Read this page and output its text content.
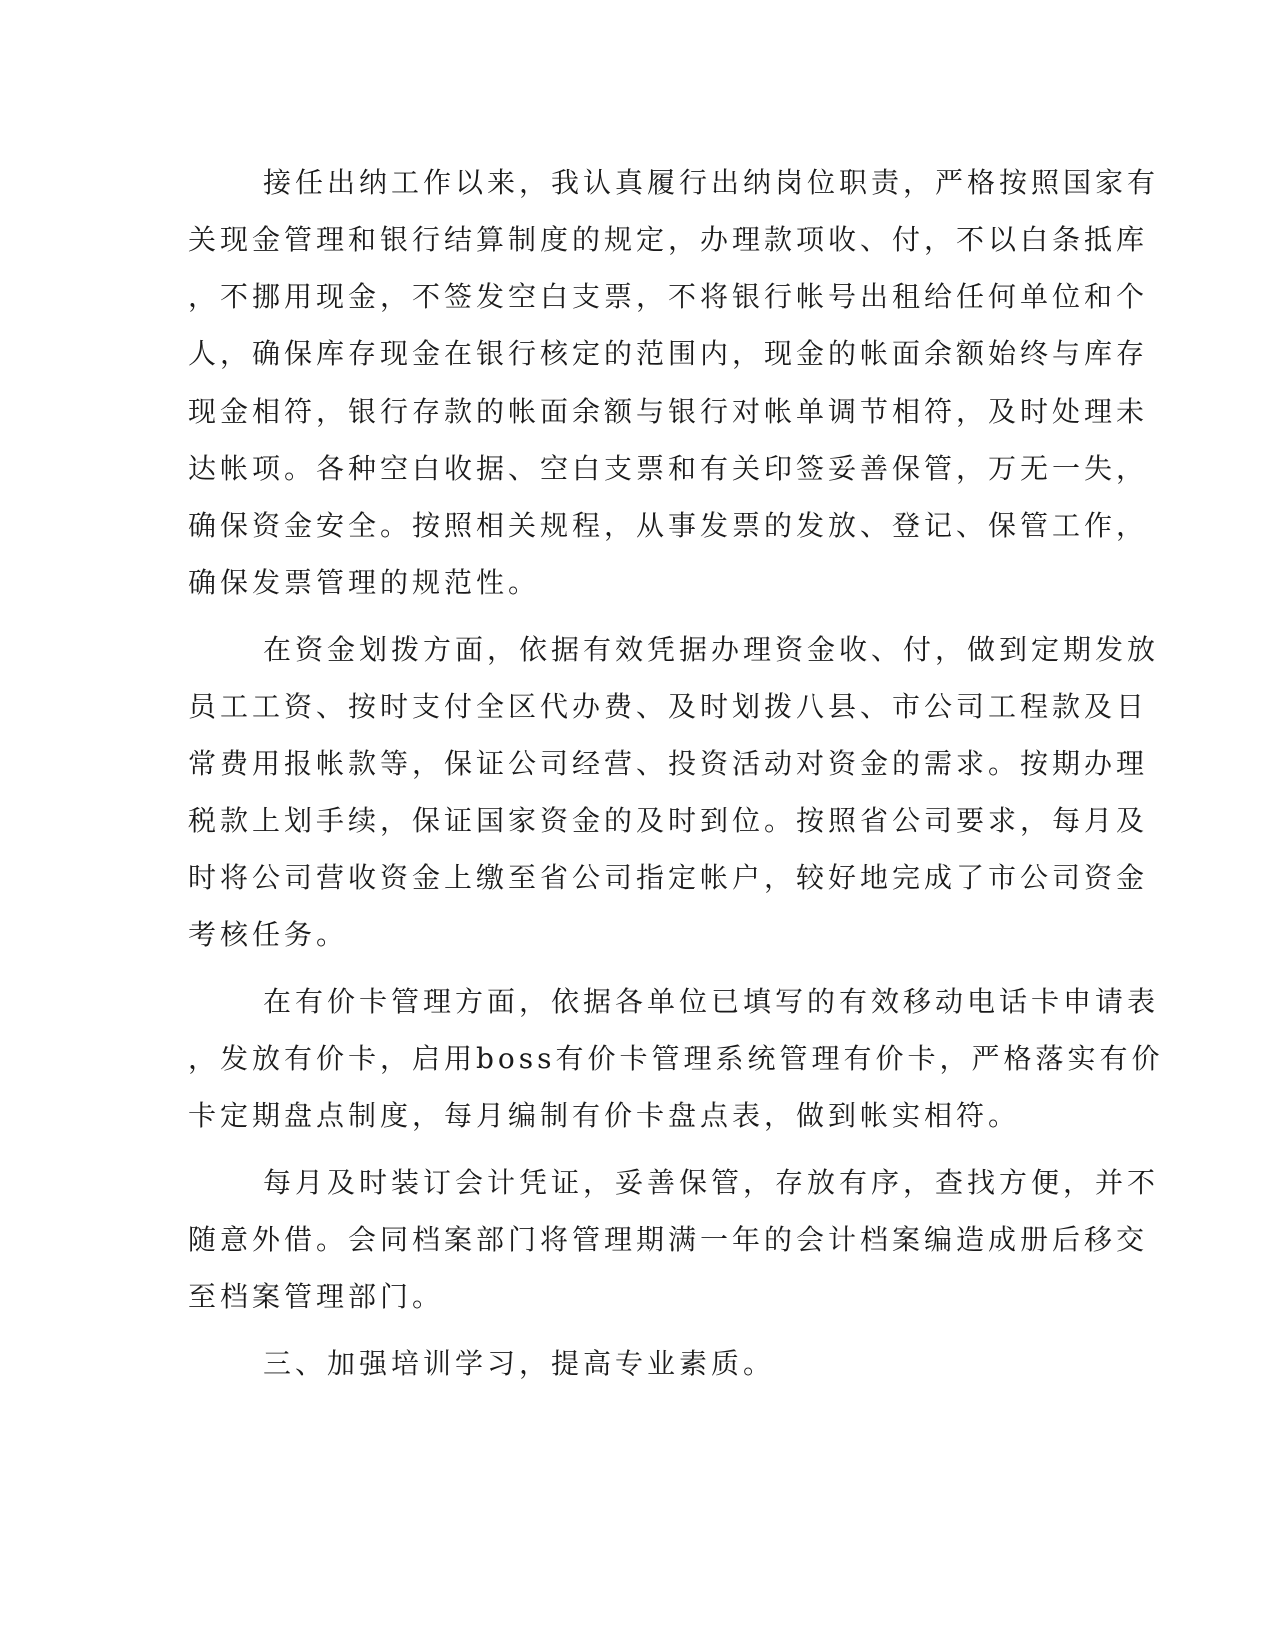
接任出纳工作以来，我认真履行出纳岗位职责，严格按照国家有
关现金管理和银行结算制度的规定，办理款项收、付，不以白条抵库
，不挪用现金，不签发空白支票，不将银行帐号出租给任何单位和个
人，确保库存现金在银行核定的范围内，现金的帐面余额始终与库存
现金相符，银行存款的帐面余额与银行对帐单调节相符，及时处理未
达帐项。各种空白收据、空白支票和有关印签妥善保管，万无一失，
确保资金安全。按照相关规程，从事发票的发放、登记、保管工作，
确保发票管理的规范性。
在资金划拨方面，依据有效凭据办理资金收、付，做到定期发放
员工工资、按时支付全区代办费、及时划拨八县、市公司工程款及日
常费用报帐款等，保证公司经营、投资活动对资金的需求。按期办理
税款上划手续，保证国家资金的及时到位。按照省公司要求，每月及
时将公司营收资金上缴至省公司指定帐户，较好地完成了市公司资金
考核任务。
在有价卡管理方面，依据各单位已填写的有效移动电话卡申请表
，发放有价卡，启用boss有价卡管理系统管理有价卡，严格落实有价
卡定期盘点制度，每月编制有价卡盘点表，做到帐实相符。
每月及时装订会计凭证，妥善保管，存放有序，查找方便，并不
随意外借。会同档案部门将管理期满一年的会计档案编造成册后移交
至档案管理部门。
三、加强培训学习，提高专业素质。
